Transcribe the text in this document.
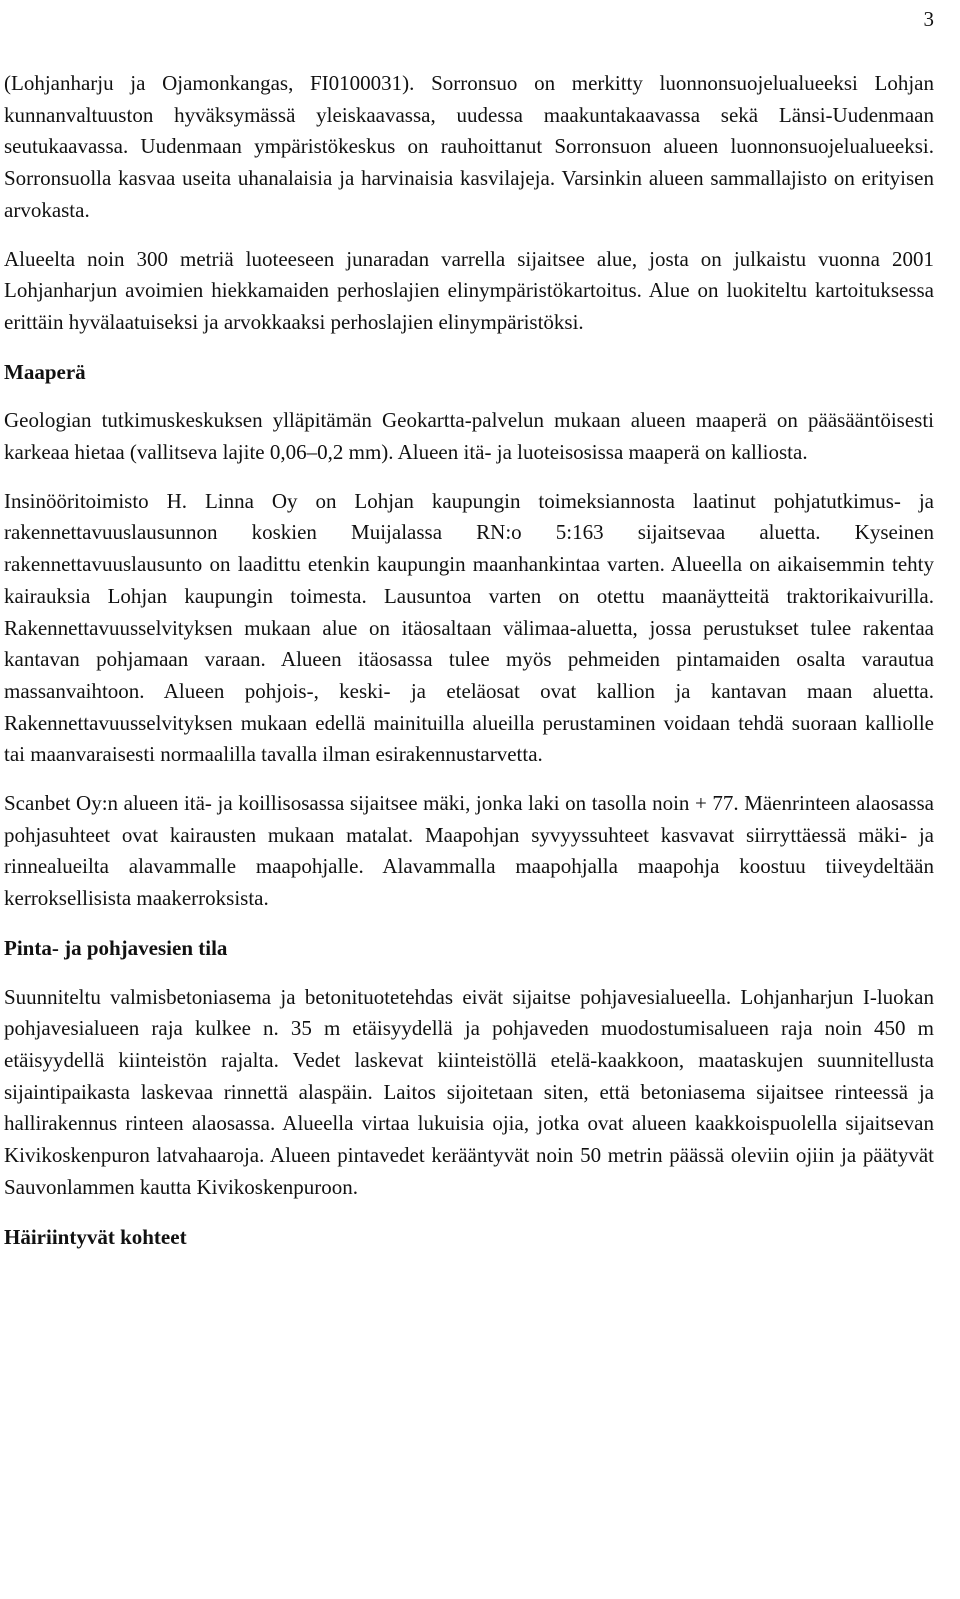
3

(Lohjanharju ja Ojamonkangas, FI0100031). Sorronsuo on merkitty luonnonsuojelualueeksi Lohjan kunnanvaltuuston hyväksymässä yleiskaavassa, uudessa maakuntakaavassa sekä Länsi-Uudenmaan seutukaavassa. Uudenmaan ympäristökeskus on rauhoittanut Sorronsuon alueen luonnonsuojelualueeksi. Sorronsuolla kasvaa useita uhanalaisia ja harvinaisia kasvilajeja. Varsinkin alueen sammallajisto on erityisen arvokasta.

Alueelta noin 300 metriä luoteeseen junaradan varrella sijaitsee alue, josta on julkaistu vuonna 2001 Lohjanharjun avoimien hiekkamaiden perhoslajien elinympäristökartoitus. Alue on luokiteltu kartoituksessa erittäin hyvälaatuiseksi ja arvokkaaksi perhoslajien elinympäristöksi.

Maaperä

Geologian tutkimuskeskuksen ylläpitämän Geokartta-palvelun mukaan alueen maaperä on pääsääntöisesti karkeaa hietaa (vallitseva lajite 0,06–0,2 mm). Alueen itä- ja luoteisosissa maaperä on kalliosta.

Insinööritoimisto H. Linna Oy on Lohjan kaupungin toimeksiannosta laatinut pohjatutkimus- ja rakennettavuuslausunnon koskien Muijalassa RN:o 5:163 sijaitsevaa aluetta. Kyseinen rakennettavuuslausunto on laadittu etenkin kaupungin maanhankintaa varten. Alueella on aikaisemmin tehty kairauksia Lohjan kaupungin toimesta. Lausuntoa varten on otettu maanäytteitä traktorikaivurilla. Rakennettavuusselvityksen mukaan alue on itäosaltaan välimaa-aluetta, jossa perustukset tulee rakentaa kantavan pohjamaan varaan. Alueen itäosassa tulee myös pehmeiden pintamaiden osalta varautua massanvaihtoon. Alueen pohjois-, keski- ja eteläosat ovat kallion ja kantavan maan aluetta. Rakennettavuusselvityksen mukaan edellä mainituilla alueilla perustaminen voidaan tehdä suoraan kalliolle tai maanvaraisesti normaalilla tavalla ilman esirakennustarvetta.

Scanbet Oy:n alueen itä- ja koillisosassa sijaitsee mäki, jonka laki on tasolla noin + 77. Mäenrinteen alaosassa pohjasuhteet ovat kairausten mukaan matalat. Maapohjan syvyyssuhteet kasvavat siirryttäessä mäki- ja rinnealueilta alavammalle maapohjalle. Alavammalla maapohjalla maapohja koostuu tiiveydeltään kerroksellisista maakerroksista.

Pinta- ja pohjavesien tila

Suunniteltu valmisbetoniasema ja betonituotetehdas eivät sijaitse pohjavesialueella. Lohjanharjun I-luokan pohjavesialueen raja kulkee n. 35 m etäisyydellä ja pohjaveden muodostumisalueen raja noin 450 m etäisyydellä kiinteistön rajalta. Vedet laskevat kiinteistöllä etelä-kaakkoon, maataskujen suunnitellusta sijaintipaikasta laskevaa rinnettä alaspäin. Laitos sijoitetaan siten, että betoniasema sijaitsee rinteessä ja hallirakennus rinteen alaosassa. Alueella virtaa lukuisia ojia, jotka ovat alueen kaakkoispuolella sijaitsevan Kivikoskenpuron latvahaaroja. Alueen pintavedet kerääntyvät noin 50 metrin päässä oleviin ojiin ja päätyvät Sauvonlammen kautta Kivikoskenpuroon.

Häiriintyvät kohteet
